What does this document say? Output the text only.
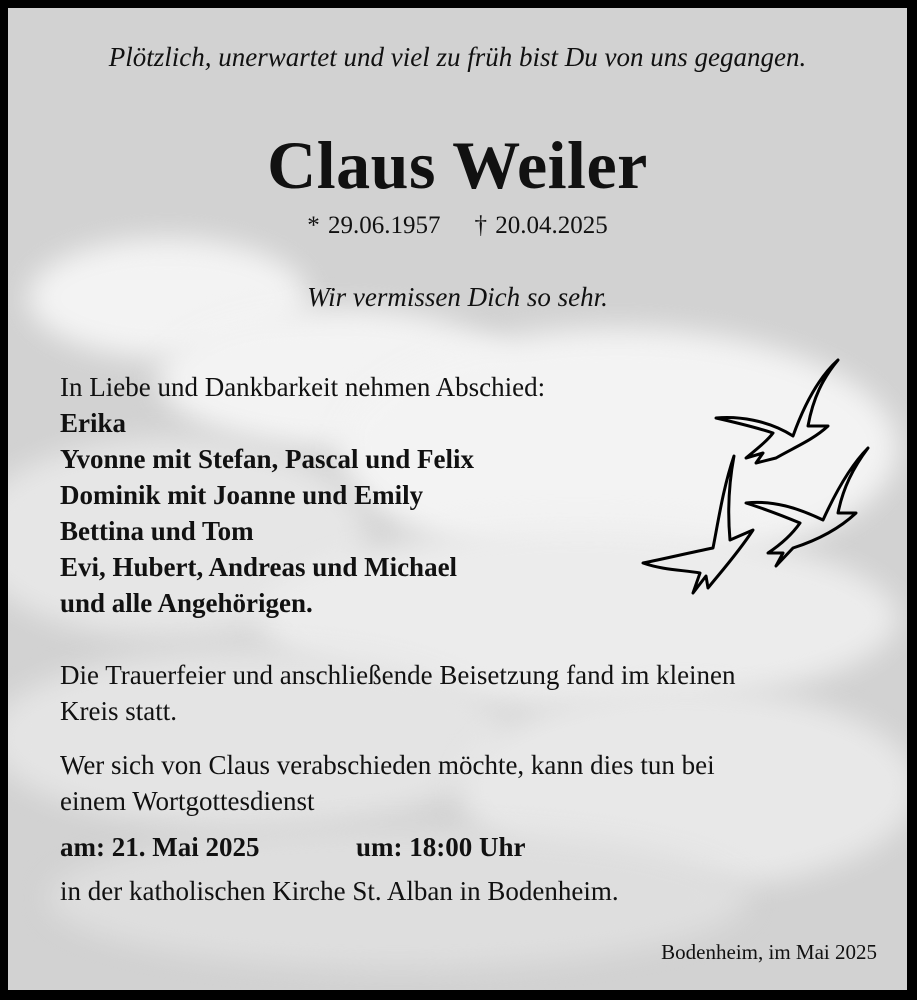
Plötzlich, unerwartet und viel zu früh bist Du von uns gegangen.
Claus Weiler
* 29.06.1957 † 20.04.2025
Wir vermissen Dich so sehr.
In Liebe und Dankbarkeit nehmen Abschied:
Erika
Yvonne mit Stefan, Pascal und Felix
Dominik mit Joanne und Emily
Bettina und Tom
Evi, Hubert, Andreas und Michael
und alle Angehörigen.
Die Trauerfeier und anschließende Beisetzung fand im kleinen
Kreis statt.
Wer sich von Claus verabschieden möchte, kann dies tun bei
einem Wortgottesdienst
am: 21. Mai 2025	um: 18:00 Uhr
in der katholischen Kirche St. Alban in Bodenheim.
Bodenheim, im Mai 2025
